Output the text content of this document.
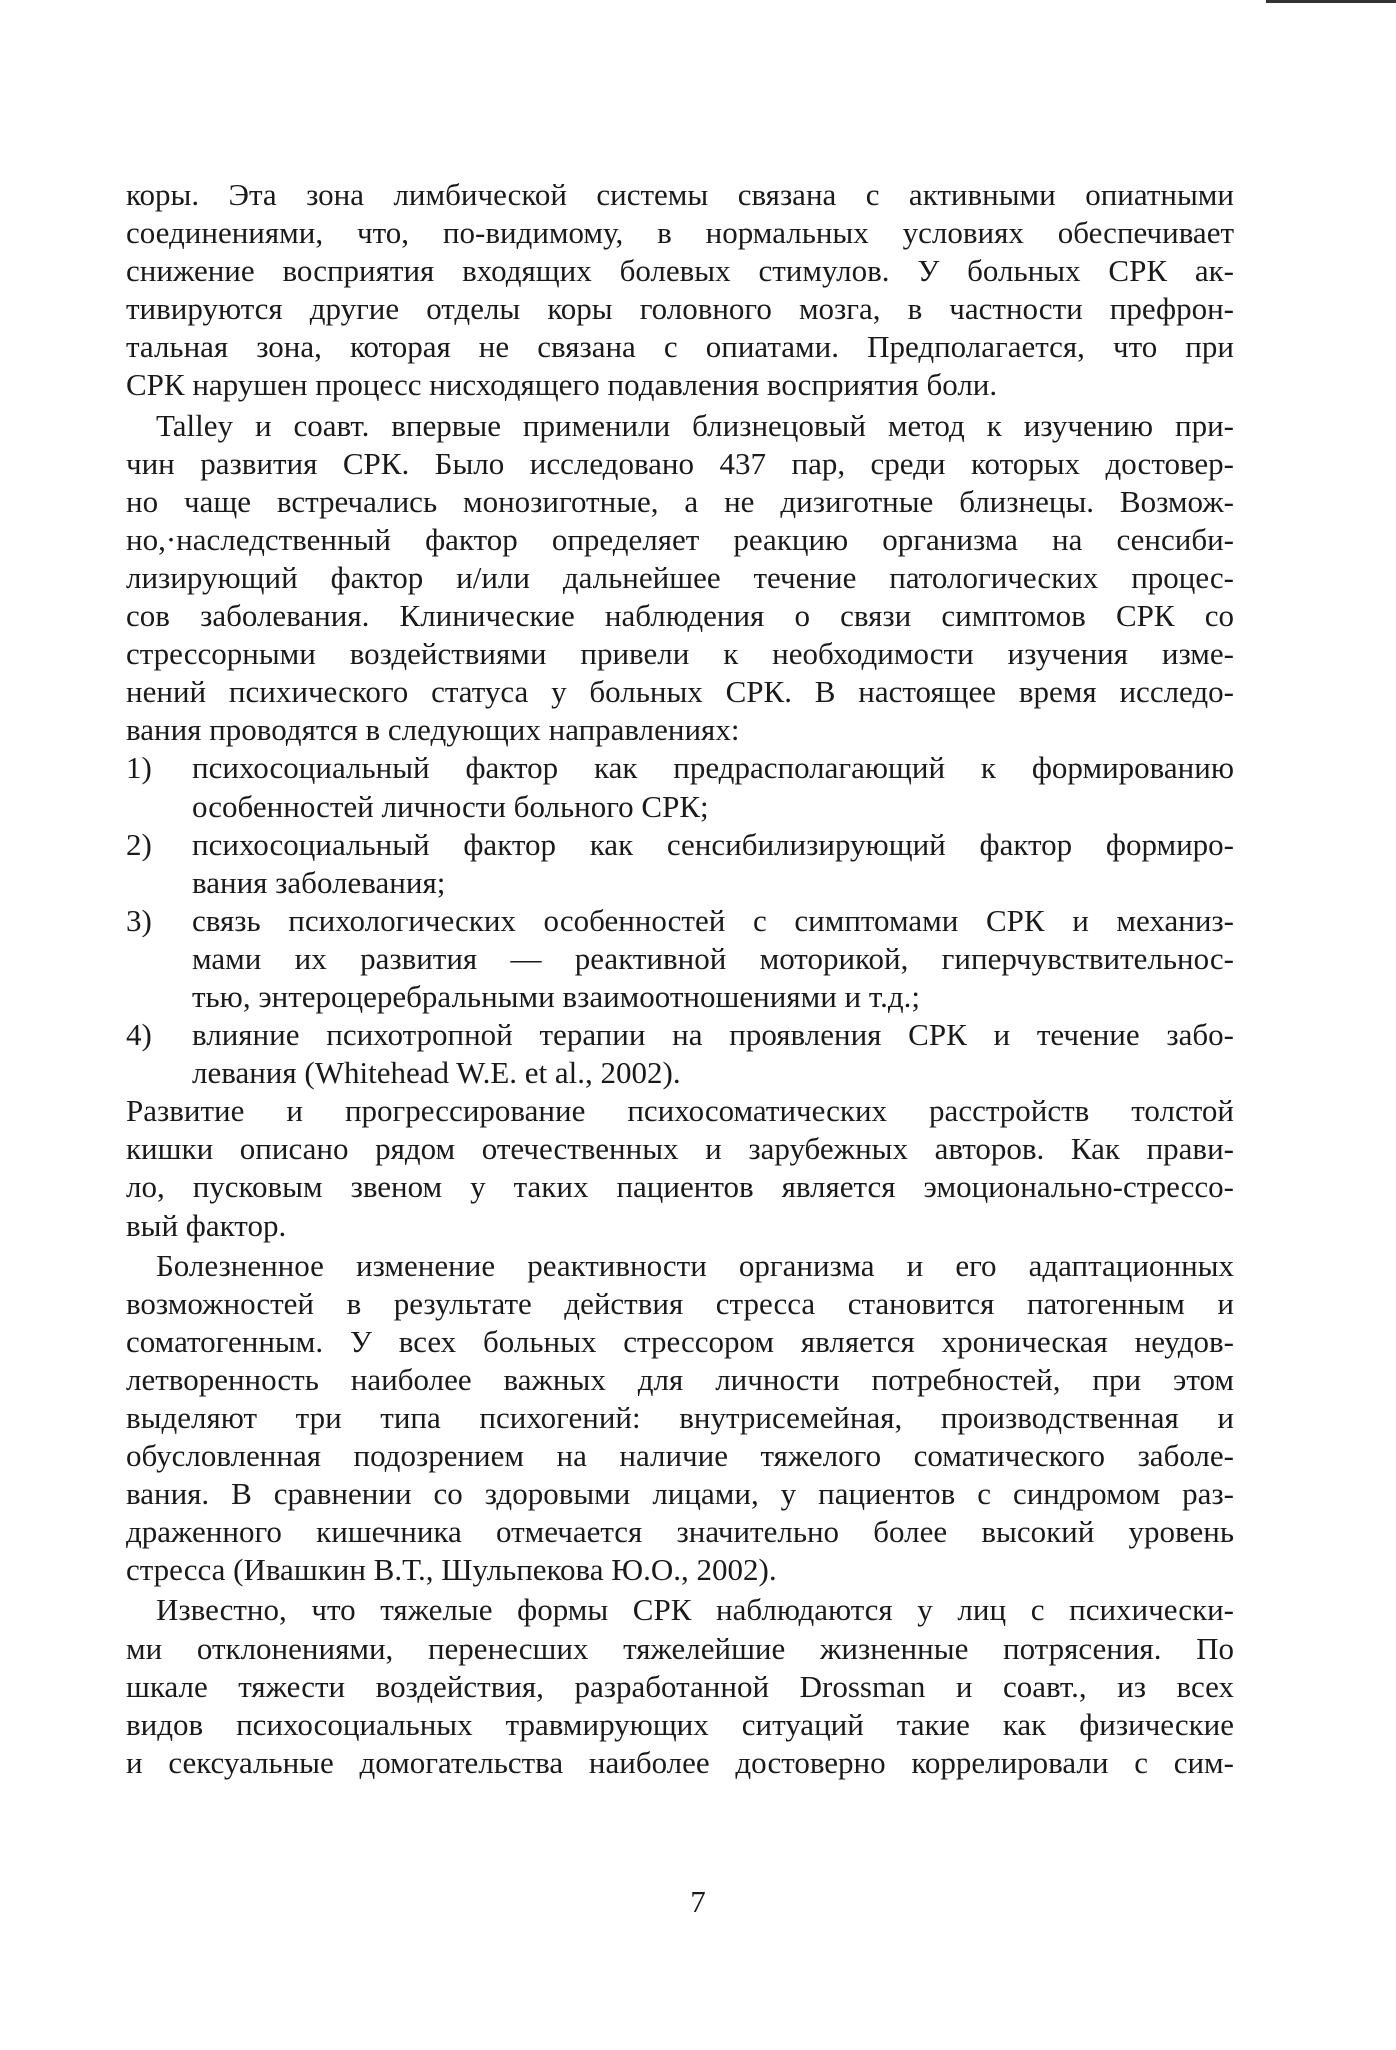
коры. Эта зона лимбической системы связана с активными опиатными
соединениями, что, по-видимому, в нормальных условиях обеспечивает
снижение восприятия входящих болевых стимулов. У больных СРК ак-
тивируются другие отделы коры головного мозга, в частности префрон-
тальная зона, которая не связана с опиатами. Предполагается, что при
СРК нарушен процесс нисходящего подавления восприятия боли.
Talley и соавт. впервые применили близнецовый метод к изучению при-
чин развития СРК. Было исследовано 437 пар, среди которых достовер-
но чаще встречались монозиготные, а не дизиготные близнецы. Возмож-
но,·наследственный фактор определяет реакцию организма на сенсиби-
лизирующий фактор и/или дальнейшее течение патологических процес-
сов заболевания. Клинические наблюдения о связи симптомов СРК со
стрессорными воздействиями привели к необходимости изучения изме-
нений психического статуса у больных СРК. В настоящее время исследо-
вания проводятся в следующих направлениях:
1)	психосоциальный фактор как предрасполагающий к формированию
особенностей личности больного СРК;
2)	психосоциальный фактор как сенсибилизирующий фактор формиро-
вания заболевания;
3)	связь психологических особенностей с симптомами СРК и механиз-
мами их развития — реактивной моторикой, гиперчувствительнос-
тью, энтероцеребральными взаимоотношениями и т.д.;
4)	влияние психотропной терапии на проявления СРК и течение забо-
левания (Whitehead W.E. et al., 2002).
Развитие и прогрессирование психосоматических расстройств толстой
кишки описано рядом отечественных и зарубежных авторов. Как прави-
ло, пусковым звеном у таких пациентов является эмоционально-стрессо-
вый фактор.
Болезненное изменение реактивности организма и его адаптационных
возможностей в результате действия стресса становится патогенным и
соматогенным. У всех больных стрессором является хроническая неудов-
летворенность наиболее важных для личности потребностей, при этом
выделяют три типа психогений: внутрисемейная, производственная и
обусловленная подозрением на наличие тяжелого соматического заболе-
вания. В сравнении со здоровыми лицами, у пациентов с синдромом раз-
драженного кишечника отмечается значительно более высокий уровень
стресса (Ивашкин В.Т., Шульпекова Ю.О., 2002).
Известно, что тяжелые формы СРК наблюдаются у лиц с психически-
ми отклонениями, перенесших тяжелейшие жизненные потрясения. По
шкале тяжести воздействия, разработанной Drossman и соавт., из всех
видов психосоциальных травмирующих ситуаций такие как физические
и сексуальные домогательства наиболее достоверно коррелировали с сим-
7
